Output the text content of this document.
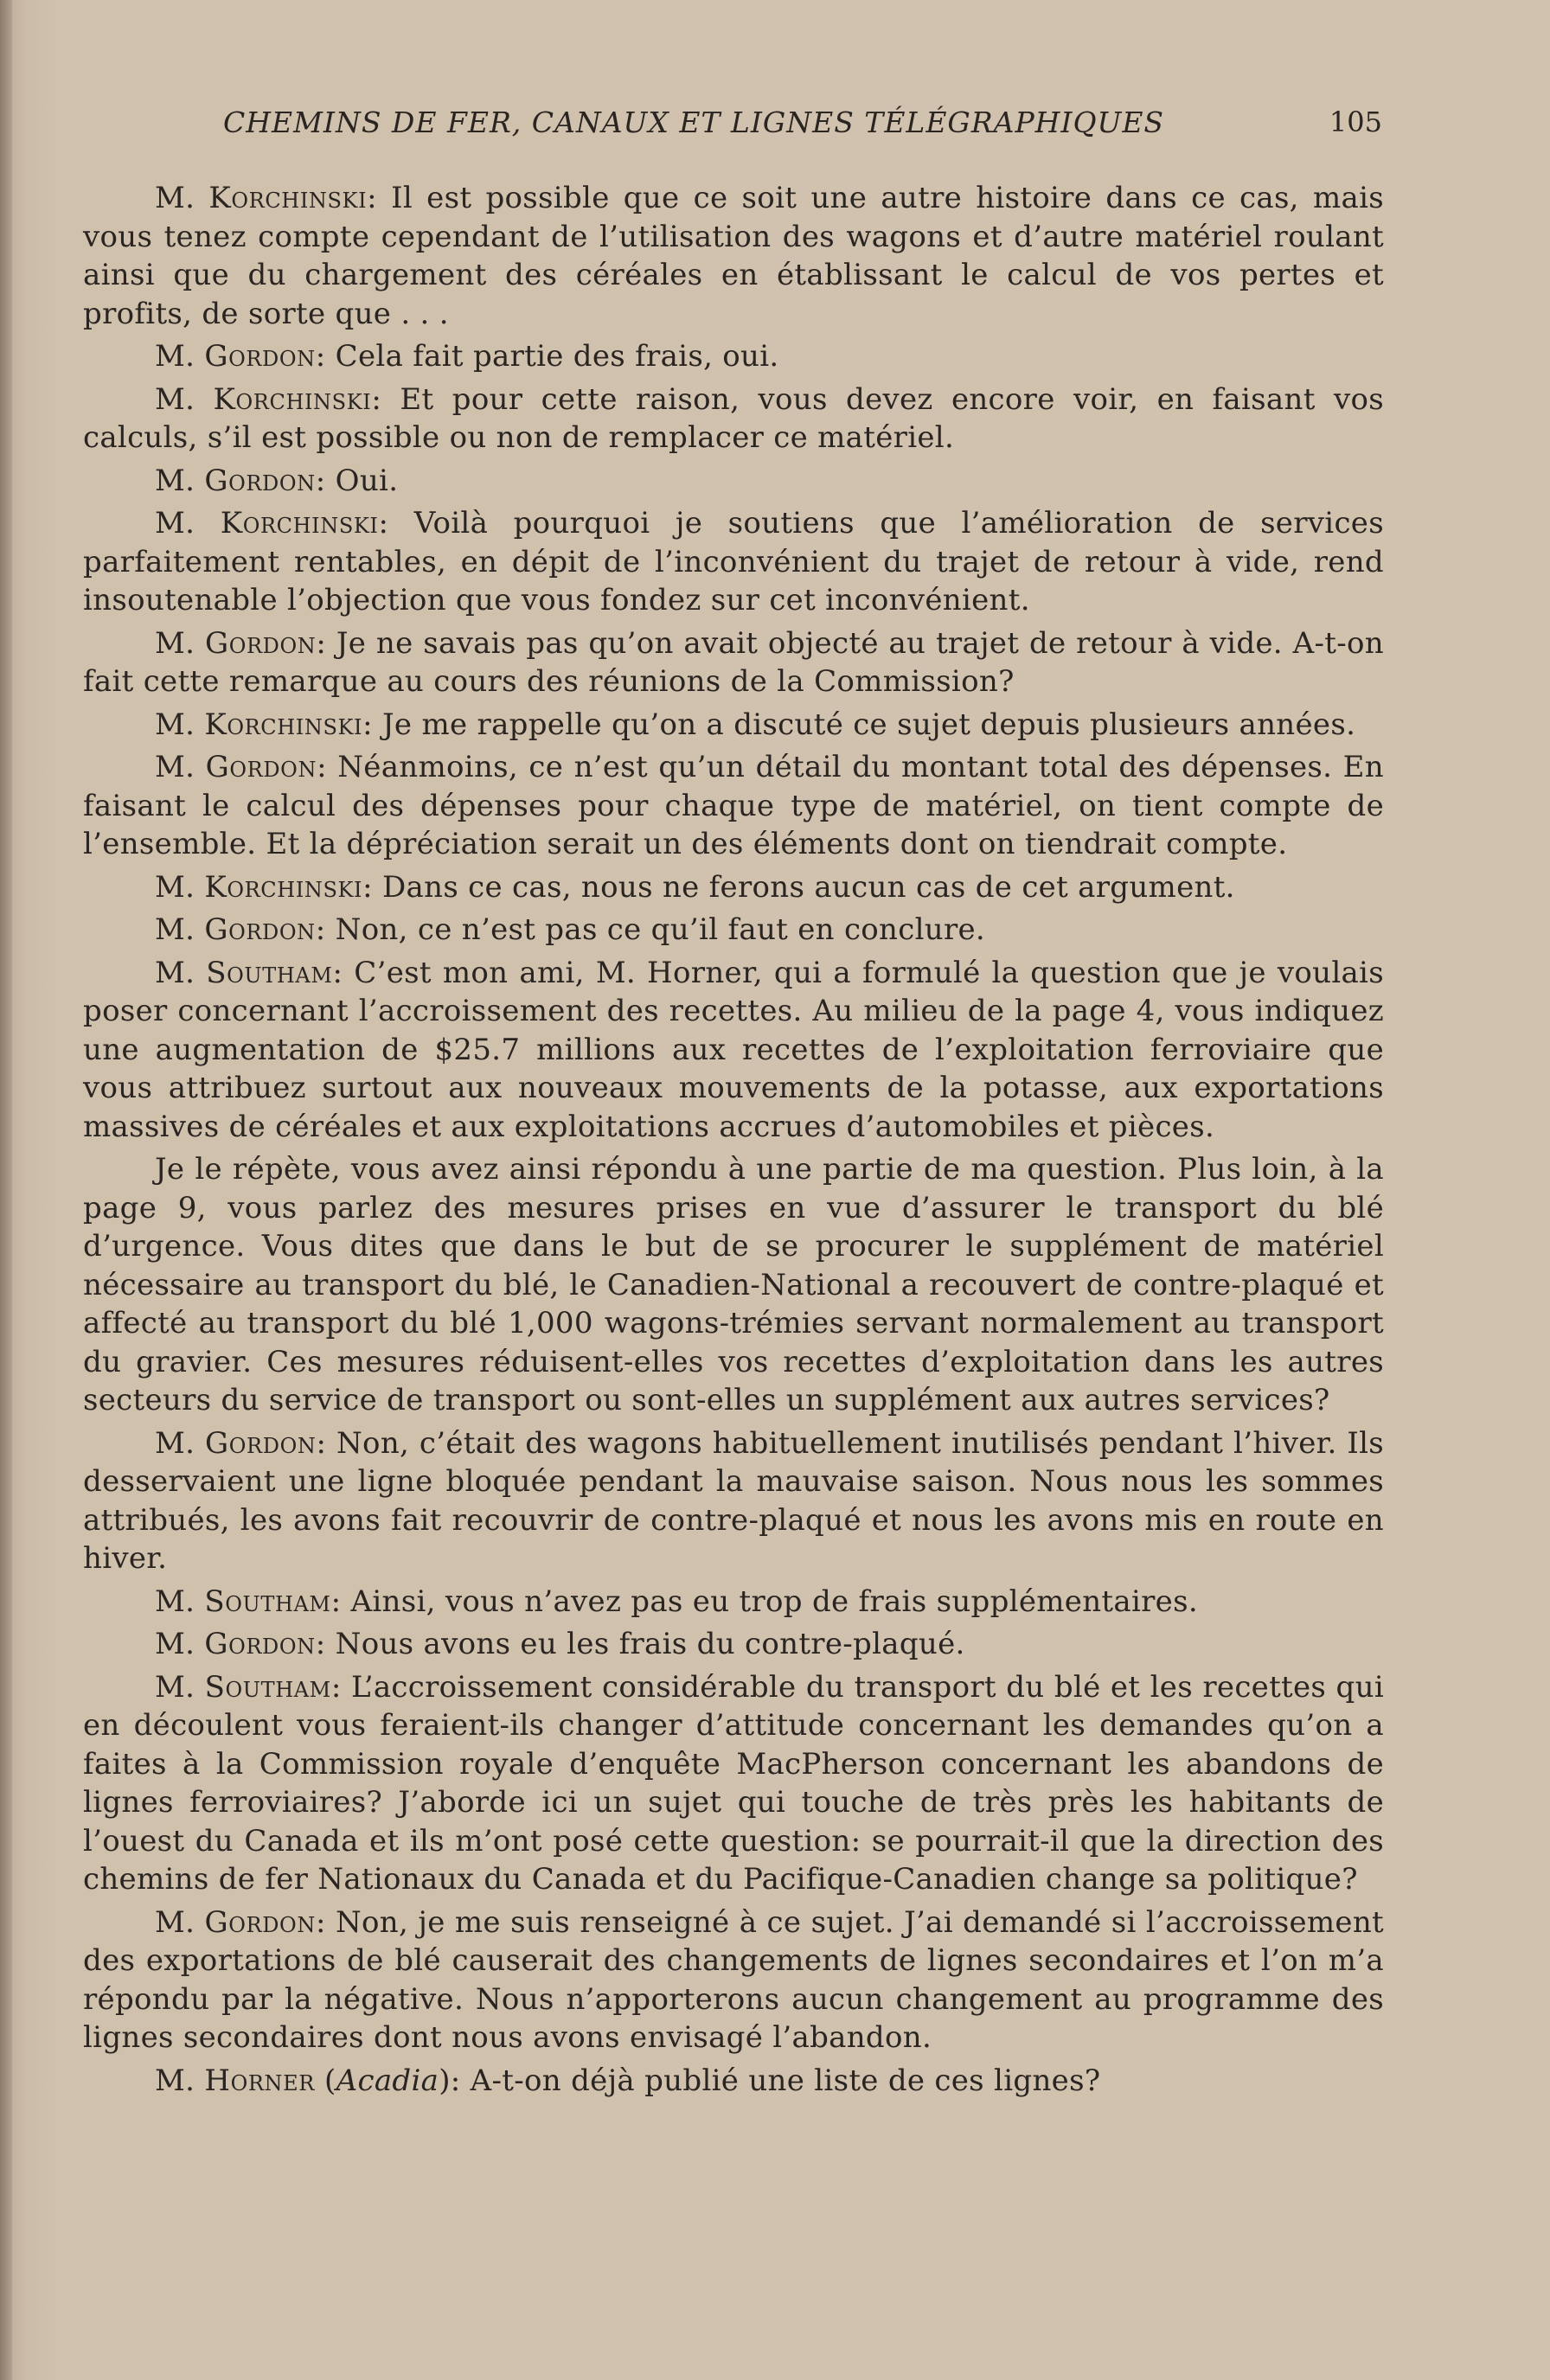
CHEMINS DE FER, CANAUX ET LIGNES TÉLÉGRAPHIQUES	105

M. Korchinski: Il est possible que ce soit une autre histoire dans ce cas, mais vous tenez compte cependant de l’utilisation des wagons et d’autre matériel roulant ainsi que du chargement des céréales en établissant le calcul de vos pertes et profits, de sorte que . . .

M. Gordon: Cela fait partie des frais, oui.

M. Korchinski: Et pour cette raison, vous devez encore voir, en faisant vos calculs, s’il est possible ou non de remplacer ce matériel.

M. Gordon: Oui.

M. Korchinski: Voilà pourquoi je soutiens que l’amélioration de services parfaitement rentables, en dépit de l’inconvénient du trajet de retour à vide, rend insoutenable l’objection que vous fondez sur cet inconvénient.

M. Gordon: Je ne savais pas qu’on avait objecté au trajet de retour à vide. A-t-on fait cette remarque au cours des réunions de la Commission?

M. Korchinski: Je me rappelle qu’on a discuté ce sujet depuis plusieurs années.

M. Gordon: Néanmoins, ce n’est qu’un détail du montant total des dépenses. En faisant le calcul des dépenses pour chaque type de matériel, on tient compte de l’ensemble. Et la dépréciation serait un des éléments dont on tiendrait compte.

M. Korchinski: Dans ce cas, nous ne ferons aucun cas de cet argument.

M. Gordon: Non, ce n’est pas ce qu’il faut en conclure.

M. Southam: C’est mon ami, M. Horner, qui a formulé la question que je voulais poser concernant l’accroissement des recettes. Au milieu de la page 4, vous indiquez une augmentation de $25.7 millions aux recettes de l’exploitation ferroviaire que vous attribuez surtout aux nouveaux mouvements de la potasse, aux exportations massives de céréales et aux exploitations accrues d’automobiles et pièces.

Je le répète, vous avez ainsi répondu à une partie de ma question. Plus loin, à la page 9, vous parlez des mesures prises en vue d’assurer le transport du blé d’urgence. Vous dites que dans le but de se procurer le supplément de matériel nécessaire au transport du blé, le Canadien-National a recouvert de contre-plaqué et affecté au transport du blé 1,000 wagons-trémies servant normalement au transport du gravier. Ces mesures réduisent-elles vos recettes d’exploitation dans les autres secteurs du service de transport ou sont-elles un supplément aux autres services?

M. Gordon: Non, c’était des wagons habituellement inutilisés pendant l’hiver. Ils desservaient une ligne bloquée pendant la mauvaise saison. Nous nous les sommes attribués, les avons fait recouvrir de contre-plaqué et nous les avons mis en route en hiver.

M. Southam: Ainsi, vous n’avez pas eu trop de frais supplémentaires.

M. Gordon: Nous avons eu les frais du contre-plaqué.

M. Southam: L’accroissement considérable du transport du blé et les recettes qui en découlent vous feraient-ils changer d’attitude concernant les demandes qu’on a faites à la Commission royale d’enquête MacPherson concernant les abandons de lignes ferroviaires? J’aborde ici un sujet qui touche de très près les habitants de l’ouest du Canada et ils m’ont posé cette question: se pourrait-il que la direction des chemins de fer Nationaux du Canada et du Pacifique-Canadien change sa politique?

M. Gordon: Non, je me suis renseigné à ce sujet. J’ai demandé si l’accroissement des exportations de blé causerait des changements de lignes secondaires et l’on m’a répondu par la négative. Nous n’apporterons aucun changement au programme des lignes secondaires dont nous avons envisagé l’abandon.

M. Horner (Acadia): A-t-on déjà publié une liste de ces lignes?
